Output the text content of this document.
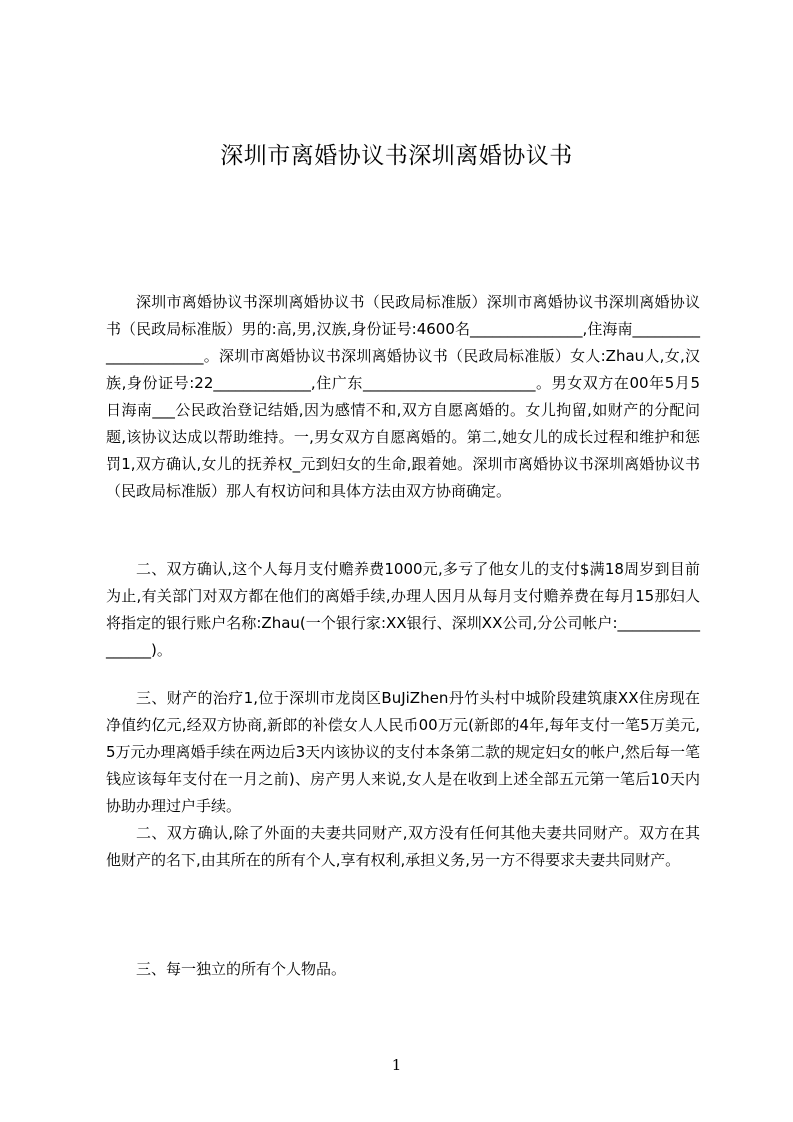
深圳市离婚协议书深圳离婚协议书

深圳市离婚协议书深圳离婚协议书（民政局标准版）深圳市离婚协议书深圳离婚协议书（民政局标准版）男的:高,男,汉族,身份证号:4600名_______________,住海南______________________。深圳市离婚协议书深圳离婚协议书（民政局标准版）女人:Zhau人,女,汉族,身份证号:22_____________,住广东_______________________。男女双方在00年5月5日海南___公民政治登记结婚,因为感情不和,双方自愿离婚的。女儿拘留,如财产的分配问题,该协议达成以帮助维持。一,男女双方自愿离婚的。第二,她女儿的成长过程和维护和惩罚1,双方确认,女儿的抚养权_元到妇女的生命,跟着她。深圳市离婚协议书深圳离婚协议书（民政局标准版）那人有权访问和具体方法由双方协商确定。

二、双方确认,这个人每月支付赡养费1000元,多亏了他女儿的支付$满18周岁到目前为止,有关部门对双方都在他们的离婚手续,办理人因月从每月支付赡养费在每月15那妇人将指定的银行账户名称:Zhau(一个银行家:XX银行、深圳XX公司,分公司帐户:_________________)。

三、财产的治疗1,位于深圳市龙岗区BuJiZhen丹竹头村中城阶段建筑康XX住房现在净值约亿元,经双方协商,新郎的补偿女人人民币00万元(新郎的4年,每年支付一笔5万美元,5万元办理离婚手续在两边后3天内该协议的支付本条第二款的规定妇女的帐户,然后每一笔钱应该每年支付在一月之前)、房产男人来说,女人是在收到上述全部五元第一笔后10天内协助办理过户手续。

二、双方确认,除了外面的夫妻共同财产,双方没有任何其他夫妻共同财产。双方在其他财产的名下,由其所在的所有个人,享有权利,承担义务,另一方不得要求夫妻共同财产。

三、每一独立的所有个人物品。

1
